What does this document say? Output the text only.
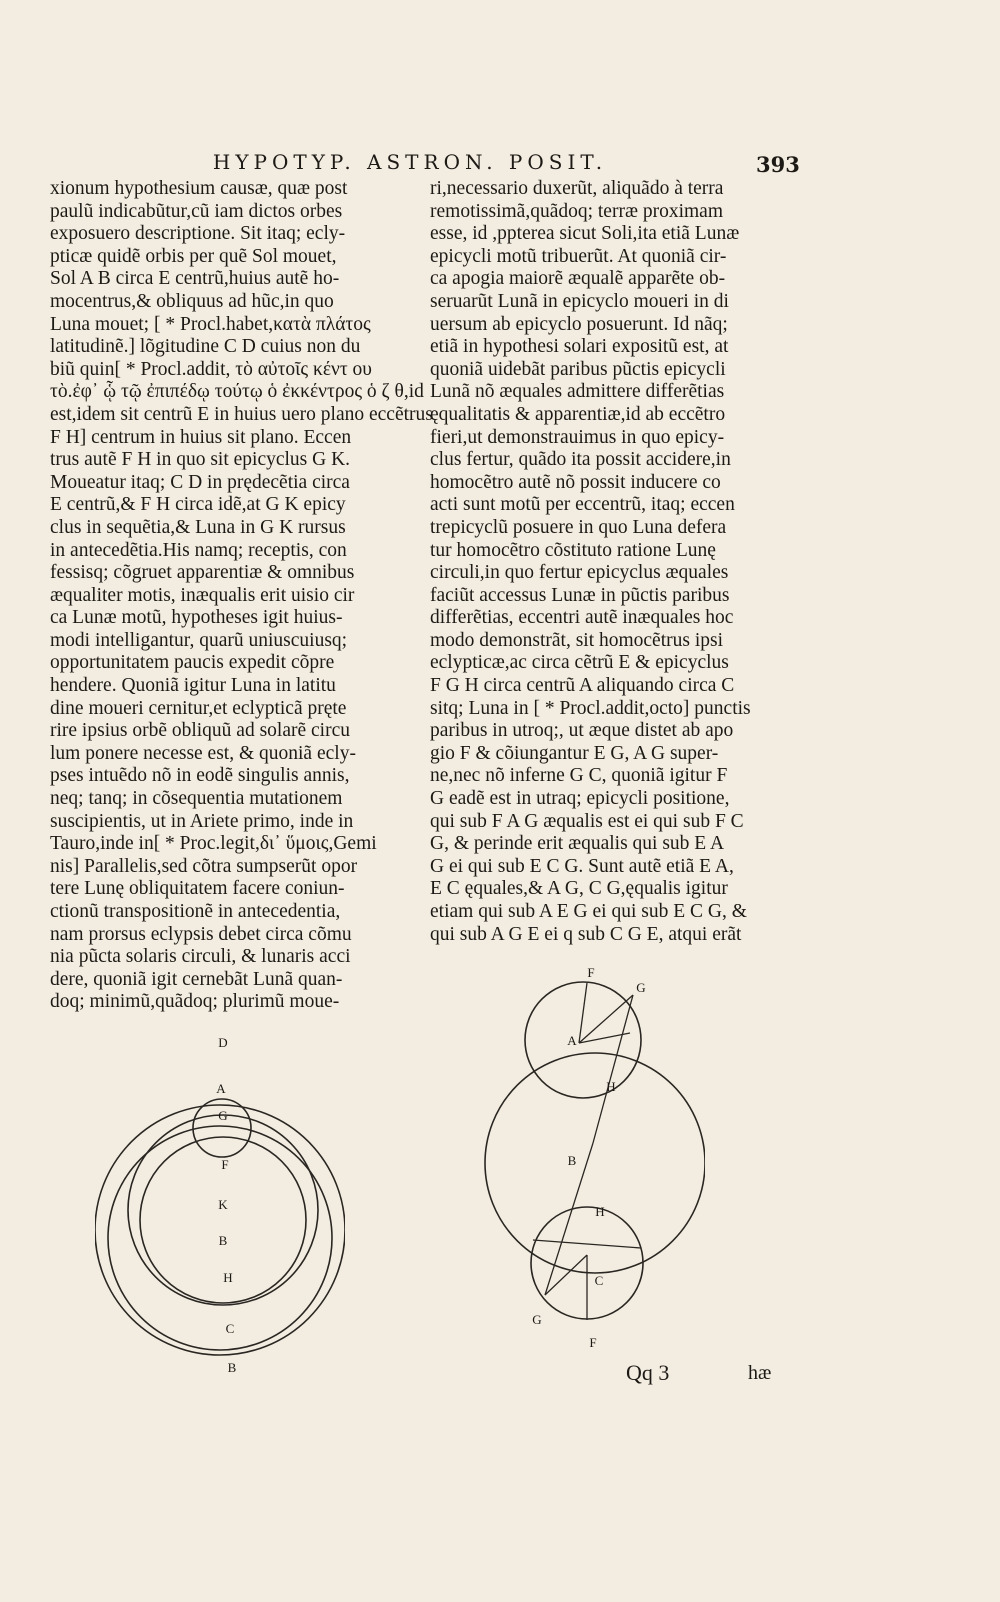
HYPOTYP. ASTRON. POSIT.	393
xionum hypothesium causæ, quæ post
paulũ indicabũtur,cũ iam dictos orbes
exposuero descriptione. Sit itaq; ecly-
pticæ quidẽ orbis per quẽ Sol mouet,
Sol A B circa E centrũ,huius autẽ ho-
mocentrus,& obliquus ad hũc,in quo
Luna mouet; [ * Procl.habet,κατὰ πλάτος
latitudinẽ.] lõgitudine C D cuius non du
biũ quin[ * Procl.addit, τὸ αὐτοῖς κέντ ου
τὸ.ἐφ᾽ ᾧ τῷ ἐπιπέδῳ τούτῳ ὁ ἐκκέντρος ὁ ζ θ,id
est,idem sit centrũ E in huius uero plano eccẽtrus
F H] centrum in huius sit plano. Eccen
trus autẽ F H in quo sit epicyclus G K.
Moueatur itaq; C D in prędecẽtia circa
E centrũ,& F H circa idẽ,at G K epicy
clus in sequẽtia,& Luna in G K rursus
in antecedẽtia.His namq; receptis, con
fessisq; cõgruet apparentiæ & omnibus
æqualiter motis, inæqualis erit uisio cir
ca Lunæ motũ, hypotheses igit huius-
modi intelligantur, quarũ uniuscuiusq;
opportunitatem paucis expedit cõpre
hendere. Quoniã igitur Luna in latitu
dine moueri cernitur,et eclypticã pręte
rire ipsius orbẽ obliquũ ad solarẽ circu
lum ponere necesse est, & quoniã ecly-
pses intuẽdo nõ in eodẽ singulis annis,
neq; tanq; in cõsequentia mutationem
suscipientis, ut in Ariete primo, inde in
Tauro,inde in[ * Proc.legit,δι᾽ ὕμοις,Gemi
nis] Parallelis,sed cõtra sumpserũt opor
tere Lunę obliquitatem facere coniun-
ctionũ transpositionẽ in antecedentia,
nam prorsus eclypsis debet circa cõmu
nia pũcta solaris circuli, & lunaris acci
dere, quoniã igit cernebãt Lunã quan-
doq; minimũ,quãdoq; plurimũ moue-
ri,necessario duxerũt, aliquãdo à terra
remotissimã,quãdoq; terræ proximam
esse, id ,ppterea sicut Soli,ita etiã Lunæ
epicycli motũ tribuerũt. At quoniã cir-
ca apogia maiorẽ æqualẽ apparẽte ob-
seruarũt Lunã in epicyclo moueri in di
uersum ab epicyclo posuerunt. Id nãq;
etiã in hypothesi solari expositũ est, at
quoniã uidebãt paribus pũctis epicycli
Lunã nõ æquales admittere differẽtias
ęqualitatis & apparentiæ,id ab eccẽtro
fieri,ut demonstrauimus in quo epicy-
clus fertur, quãdo ita possit accidere,in
homocẽtro autẽ nõ possit inducere co
acti sunt motũ per eccentrũ, itaq; eccen
trepicyclũ posuere in quo Luna defera
tur homocẽtro cõstituto ratione Lunę
circuli,in quo fertur epicyclus æquales
faciũt accessus Lunæ in pũctis paribus
differẽtias, eccentri autẽ inæquales hoc
modo demonstrãt, sit homocẽtrus ipsi
eclypticæ,ac circa cẽtrũ E & epicyclus
F G H circa centrũ A aliquando circa C
sitq; Luna in [ * Procl.addit,octo] punctis
paribus in utroq;, ut æque distet ab apo
gio F & cõiungantur E G, A G super-
ne,nec nõ inferne G C, quoniã igitur F
G eadẽ est in utraq; epicycli positione,
qui sub F A G æqualis est ei qui sub F C
G, & perinde erit æqualis qui sub E A
G ei qui sub E C G. Sunt autẽ etiã E A,
E C ęquales,& A G, C G,ęqualis igitur
etiam qui sub A E G ei qui sub E C G, &
qui sub A G E ei q sub C G E, atqui erãt
D
A
G
F
K
B
H
C
B
F
G
A
H
B
H
C
G
F
Qq 3	hæ
